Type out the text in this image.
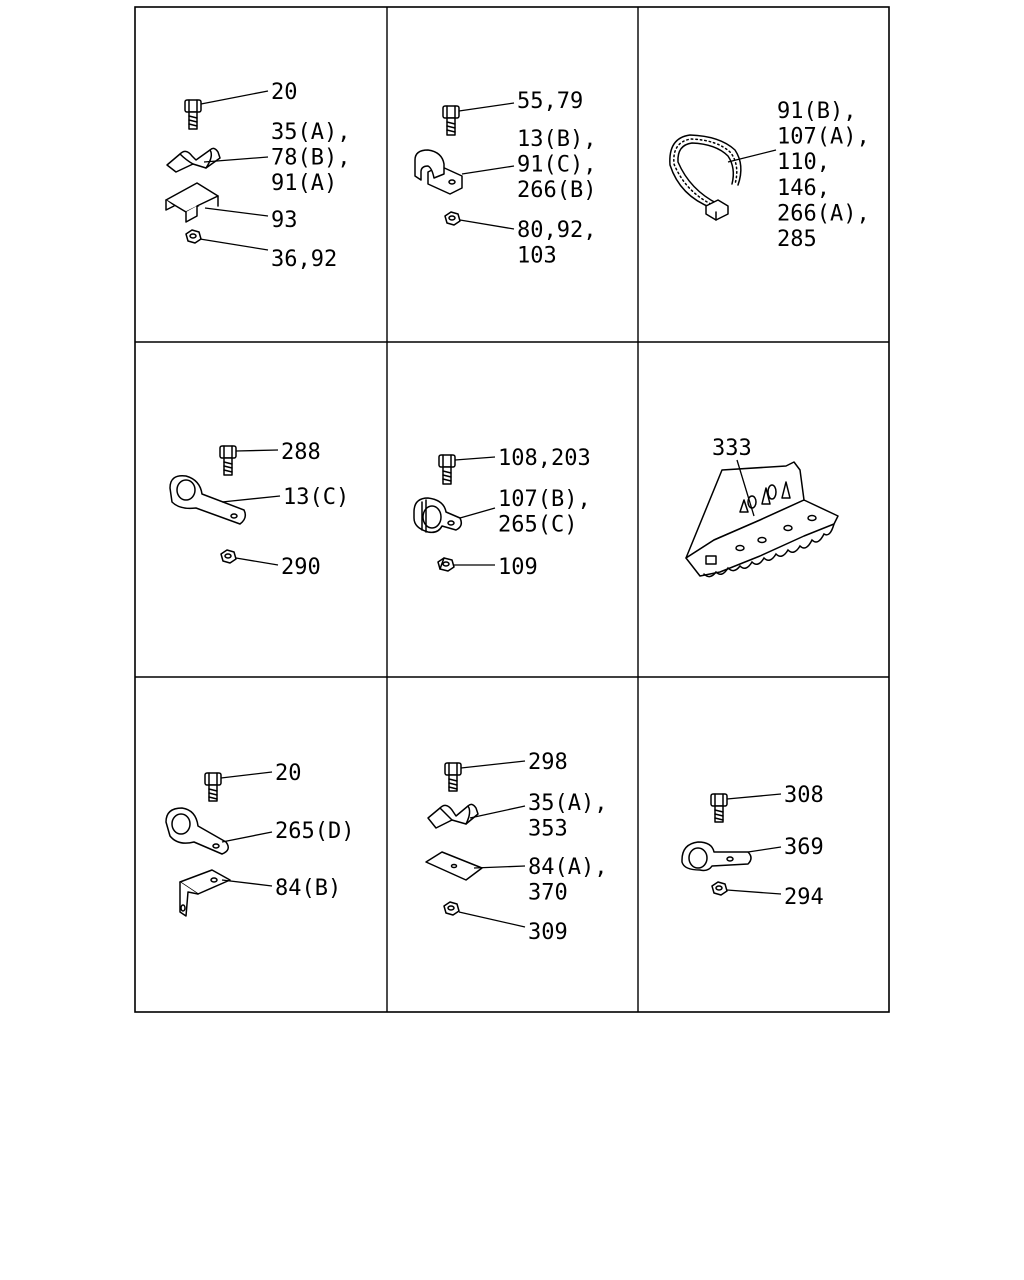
20
35(A), 78(B), 91(A)
93
36,92
55,79
13(B), 91(C), 266(B)
80,92, 103
91(B), 107(A), 110, 146, 266(A), 285
288
13(C)
290
108,203
107(B), 265(C)
109
333
20
265(D)
84(B)
298
35(A), 353
84(A), 370
309
308
369
294
